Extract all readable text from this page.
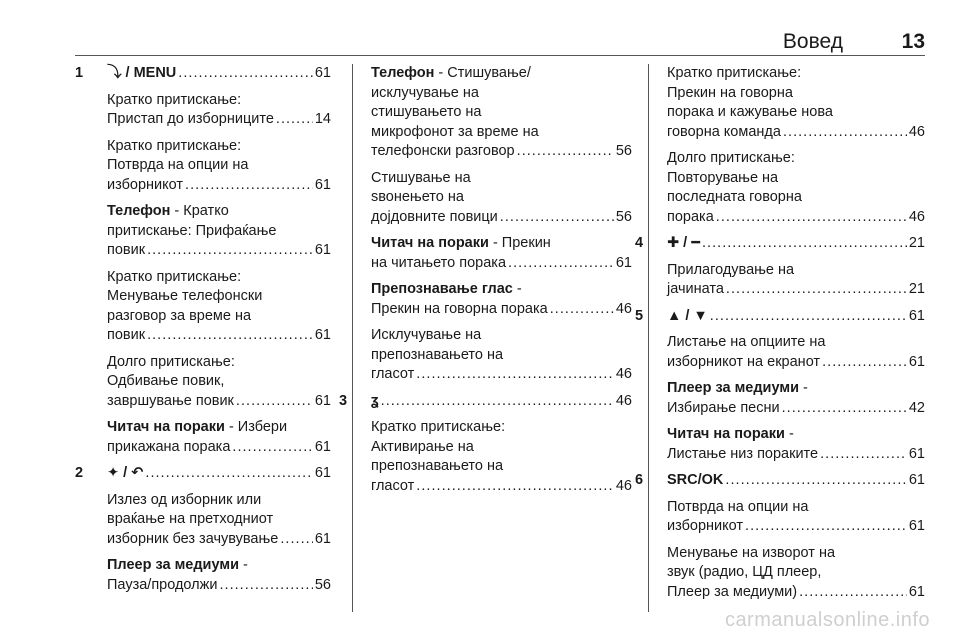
Вовед	13
1 ⤵ / MENU . . .	61
Кратко притискање:
Пристап до изборниците . . .	14
Кратко притискање:
Потврда на опции на
изборникот . . .	61
Телефон - Кратко
притискање: Прифаќање
повик . . .	61
Кратко притискање:
Менување телефонски
разговор за време на
повик . . .	61
Долго притискање:
Одбивање повик,
завршување повик . . .	61
Читач на пораки - Избери
прикажана порака . . .	61
2 ✦ / ↶ . . .	61
Излез од изборник или
враќање на претходниот
изборник без зачувување . . .	61
Плеер за медиуми -
Пауза/продолжи . . .	56
Телефон - Стишување/
исклучување на
стишувањето на
микрофонот за време на
телефонски разговор . . .	56
Стишување на
ѕвонењето на
дојдовните повици . . .	56
Читач на пораки - Прекин
на читањето порака . . .	61
Препознавање глас -
Прекин на говорна порака . . .	46
Исклучување на
препознавањето на
гласот . . .	46
3 ʓ . . .	46
Кратко притискање:
Активирање на
препознавањето на
гласот . . .	46
Кратко притискање:
Прекин на говорна
порака и кажување нова
говорна команда . . .	46
Долго притискање:
Повторување на
последната говорна
порака . . .	46
4 ✚ / ━ . . .	21
Прилагодување на
јачината . . .	21
5 ▲ / ▼ . . .	61
Листање на опциите на
изборникот на екранот . . .	61
Плеер за медиуми -
Избирање песни . . .	42
Читач на пораки -
Листање низ пораките . . .	61
6 SRC/OK . . .	61
Потврда на опции на
изборникот . . .	61
Менување на изворот на
звук (радио, ЦД плеер,
Плеер за медиуми) . . .	61
carmanualsonline.info
